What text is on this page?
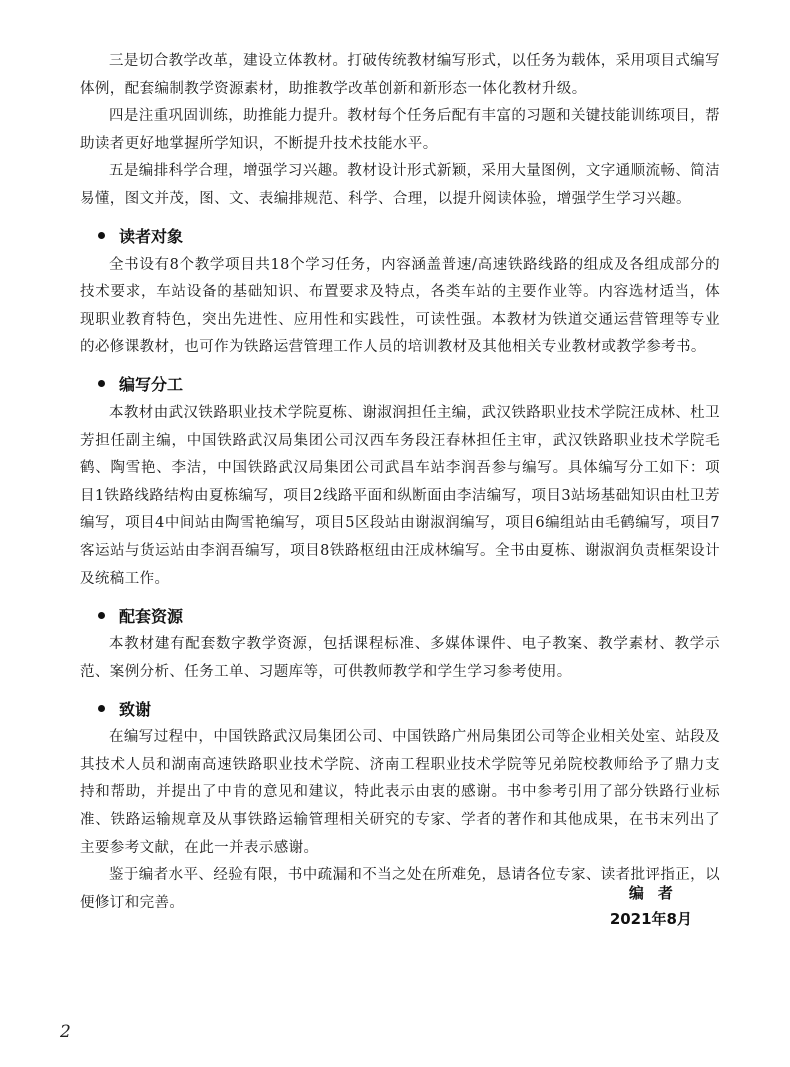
三是切合教学改革，建设立体教材。打破传统教材编写形式，以任务为载体，采用项目式编写体例，配套编制教学资源素材，助推教学改革创新和新形态一体化教材升级。

四是注重巩固训练，助推能力提升。教材每个任务后配有丰富的习题和关键技能训练项目，帮助读者更好地掌握所学知识，不断提升技术技能水平。

五是编排科学合理，增强学习兴趣。教材设计形式新颖，采用大量图例，文字通顺流畅、简洁易懂，图文并茂，图、文、表编排规范、科学、合理，以提升阅读体验，增强学生学习兴趣。

读者对象

全书设有8个教学项目共18个学习任务，内容涵盖普速/高速铁路线路的组成及各组成部分的技术要求，车站设备的基础知识、布置要求及特点，各类车站的主要作业等。内容选材适当，体现职业教育特色，突出先进性、应用性和实践性，可读性强。本教材为铁道交通运营管理等专业的必修课教材，也可作为铁路运营管理工作人员的培训教材及其他相关专业教材或教学参考书。

编写分工

本教材由武汉铁路职业技术学院夏栋、谢淑润担任主编，武汉铁路职业技术学院汪成林、杜卫芳担任副主编，中国铁路武汉局集团公司汉西车务段汪春林担任主审，武汉铁路职业技术学院毛鹤、陶雪艳、李洁，中国铁路武汉局集团公司武昌车站李润吾参与编写。具体编写分工如下：项目1铁路线路结构由夏栋编写，项目2线路平面和纵断面由李洁编写，项目3站场基础知识由杜卫芳编写，项目4中间站由陶雪艳编写，项目5区段站由谢淑润编写，项目6编组站由毛鹤编写，项目7客运站与货运站由李润吾编写，项目8铁路枢纽由汪成林编写。全书由夏栋、谢淑润负责框架设计及统稿工作。

配套资源

本教材建有配套数字教学资源，包括课程标准、多媒体课件、电子教案、教学素材、教学示范、案例分析、任务工单、习题库等，可供教师教学和学生学习参考使用。

致谢

在编写过程中，中国铁路武汉局集团公司、中国铁路广州局集团公司等企业相关处室、站段及其技术人员和湖南高速铁路职业技术学院、济南工程职业技术学院等兄弟院校教师给予了鼎力支持和帮助，并提出了中肯的意见和建议，特此表示由衷的感谢。书中参考引用了部分铁路行业标准、铁路运输规章及从事铁路运输管理相关研究的专家、学者的著作和其他成果，在书末列出了主要参考文献，在此一并表示感谢。

鉴于编者水平、经验有限，书中疏漏和不当之处在所难免，恳请各位专家、读者批评指正，以便修订和完善。

编者
2021年8月
2
